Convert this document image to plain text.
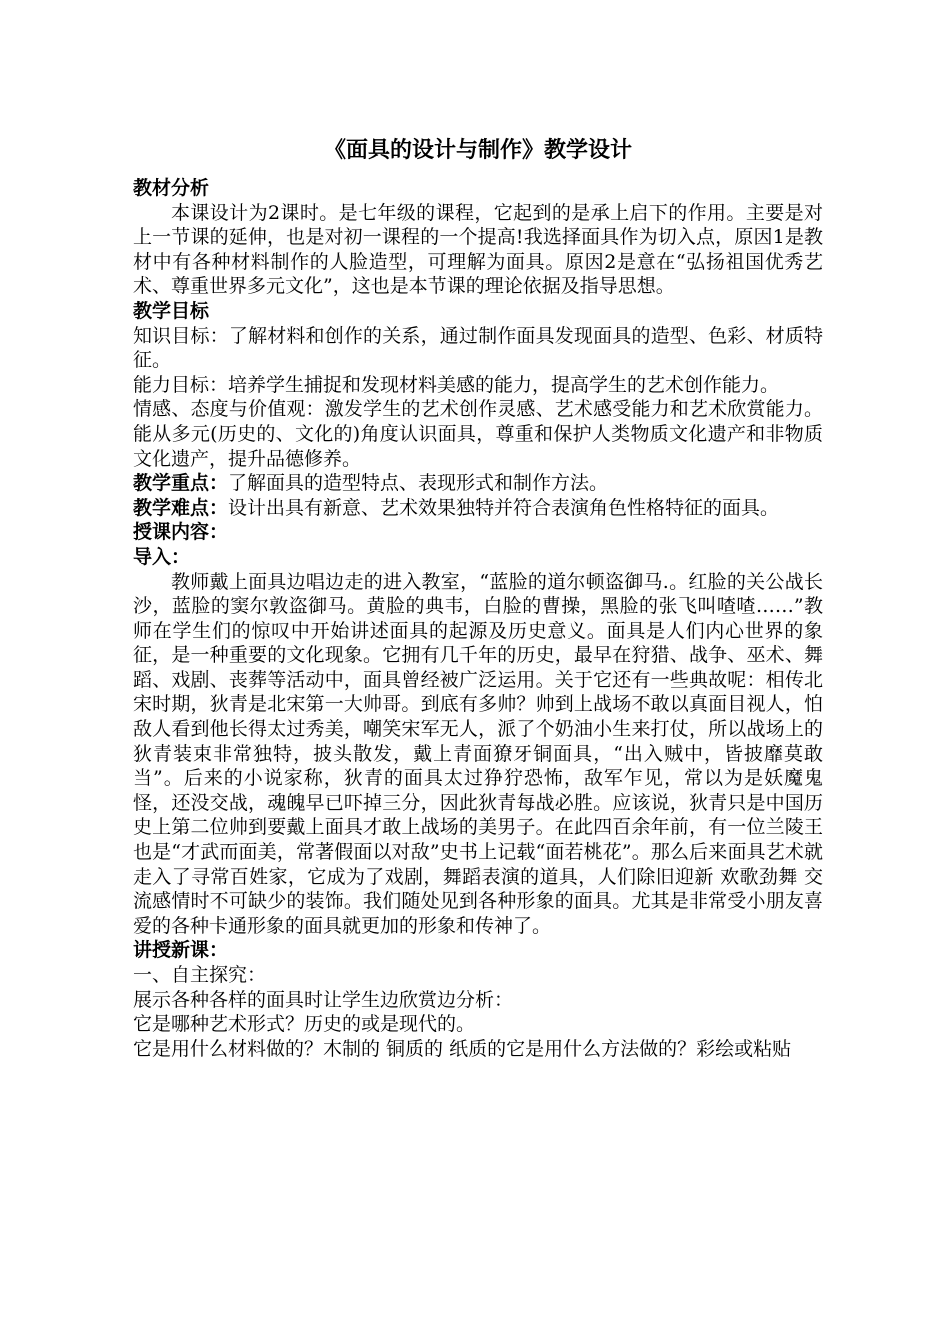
《面具的设计与制作》教学设计
教材分析

本课设计为2课时。是七年级的课程，它起到的是承上启下的作用。主要是对上一节课的延伸，也是对初一课程的一个提高!我选择面具作为切入点，原因1是教材中有各种材料制作的人脸造型，可理解为面具。原因2是意在“弘扬祖国优秀艺术、尊重世界多元文化”，这也是本节课的理论依据及指导思想。

教学目标

知识目标：了解材料和创作的关系，通过制作面具发现面具的造型、色彩、材质特征。

能力目标：培养学生捕捉和发现材料美感的能力，提高学生的艺术创作能力。

情感、态度与价值观：激发学生的艺术创作灵感、艺术感受能力和艺术欣赏能力。能从多元(历史的、文化的)角度认识面具，尊重和保护人类物质文化遗产和非物质文化遗产，提升品德修养。

教学重点：了解面具的造型特点、表现形式和制作方法。

教学难点：设计出具有新意、艺术效果独特并符合表演角色性格特征的面具。

授课内容：
导入：

教师戴上面具边唱边走的进入教室，“蓝脸的道尔顿盗御马.。红脸的关公战长沙，蓝脸的窦尔敦盗御马。黄脸的典韦，白脸的曹操，黑脸的张飞叫喳喳……”教师在学生们的惊叹中开始讲述面具的起源及历史意义。面具是人们内心世界的象征，是一种重要的文化现象。它拥有几千年的历史，最早在狩猎、战争、巫术、舞蹈、戏剧、丧葬等活动中，面具曾经被广泛运用。关于它还有一些典故呢：相传北宋时期，狄青是北宋第一大帅哥。到底有多帅？帅到上战场不敢以真面目视人，怕敌人看到他长得太过秀美，嘲笑宋军无人，派了个奶油小生来打仗，所以战场上的狄青装束非常独特，披头散发，戴上青面獠牙铜面具，“出入贼中，皆披靡莫敢当”。后来的小说家称，狄青的面具太过狰狞恐怖，敌军乍见，常以为是妖魔鬼怪，还没交战，魂魄早已吓掉三分，因此狄青每战必胜。应该说，狄青只是中国历史上第二位帅到要戴上面具才敢上战场的美男子。在此四百余年前，有一位兰陵王也是“才武而面美，常著假面以对敌”史书上记载“面若桃花”。那么后来面具艺术就走入了寻常百姓家，它成为了戏剧，舞蹈表演的道具，人们除旧迎新 欢歌劲舞 交流感情时不可缺少的装饰。我们随处见到各种形象的面具。尤其是非常受小朋友喜爱的各种卡通形象的面具就更加的形象和传神了。

讲授新课：

一、自主探究：

展示各种各样的面具时让学生边欣赏边分析：

它是哪种艺术形式？历史的或是现代的。

它是用什么材料做的？木制的 铜质的 纸质的它是用什么方法做的？彩绘或粘贴
